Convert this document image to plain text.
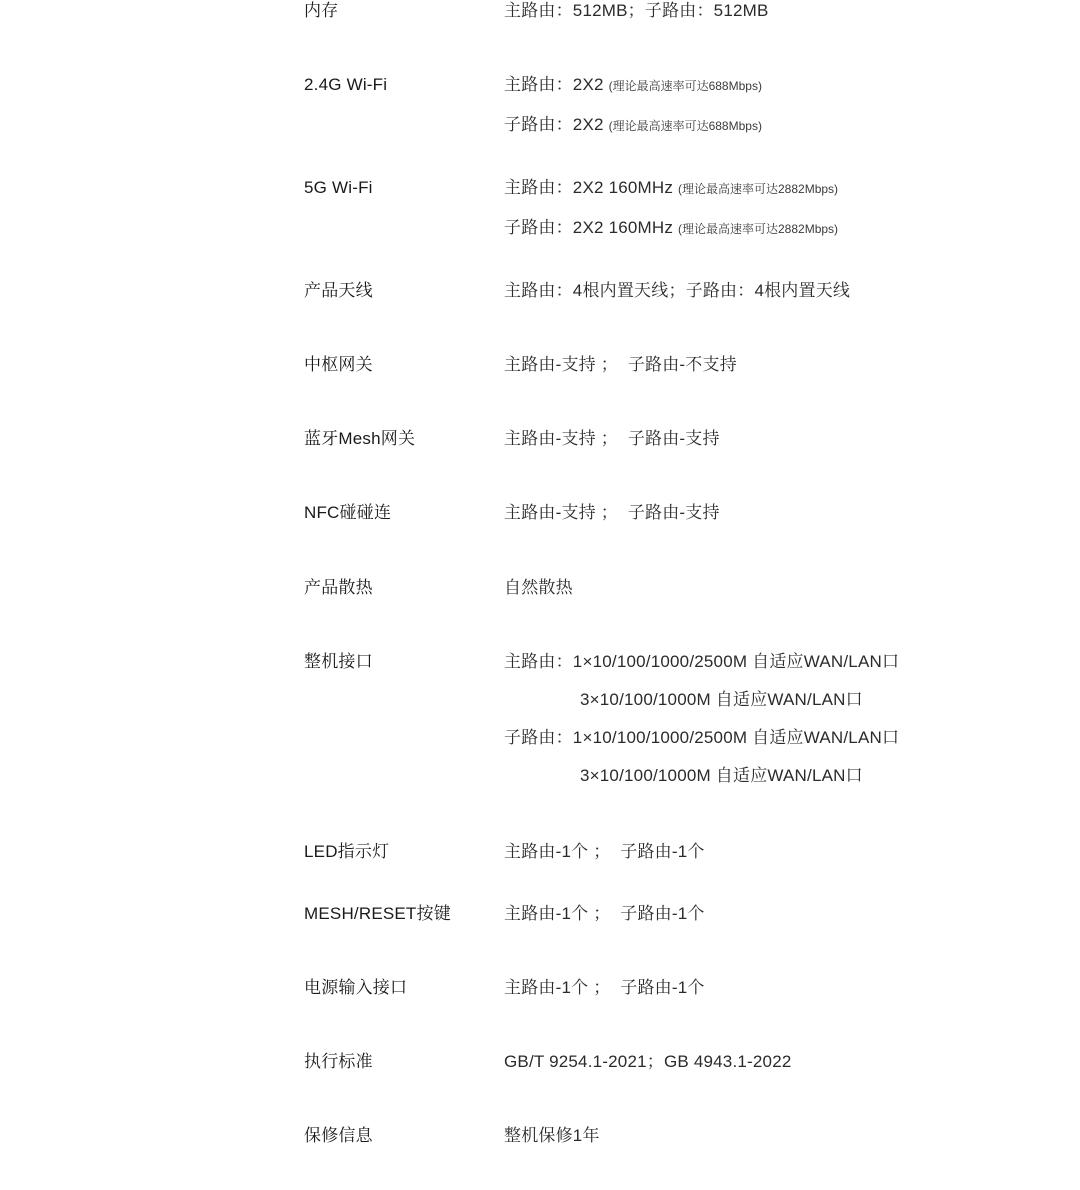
内存	主路由：512MB；子路由：512MB
2.4G Wi-Fi	主路由：2X2 (理论最高速率可达688Mbps)
子路由：2X2 (理论最高速率可达688Mbps)
5G Wi-Fi	主路由：2X2 160MHz (理论最高速率可达2882Mbps)
子路由：2X2 160MHz (理论最高速率可达2882Mbps)
产品天线	主路由：4根内置天线；子路由：4根内置天线
中枢网关	主路由-支持 ；  子路由-不支持
蓝牙Mesh网关	主路由-支持 ；  子路由-支持
NFC碰碰连	主路由-支持 ；  子路由-支持
产品散热	自然散热
整机接口	主路由：1×10/100/1000/2500M 自适应WAN/LAN口
3×10/100/1000M 自适应WAN/LAN口
子路由：1×10/100/1000/2500M 自适应WAN/LAN口
3×10/100/1000M 自适应WAN/LAN口
LED指示灯	主路由-1个 ；  子路由-1个
MESH/RESET按键	主路由-1个 ；  子路由-1个
电源输入接口	主路由-1个 ；  子路由-1个
执行标准	GB/T 9254.1-2021；GB 4943.1-2022
保修信息	整机保修1年
